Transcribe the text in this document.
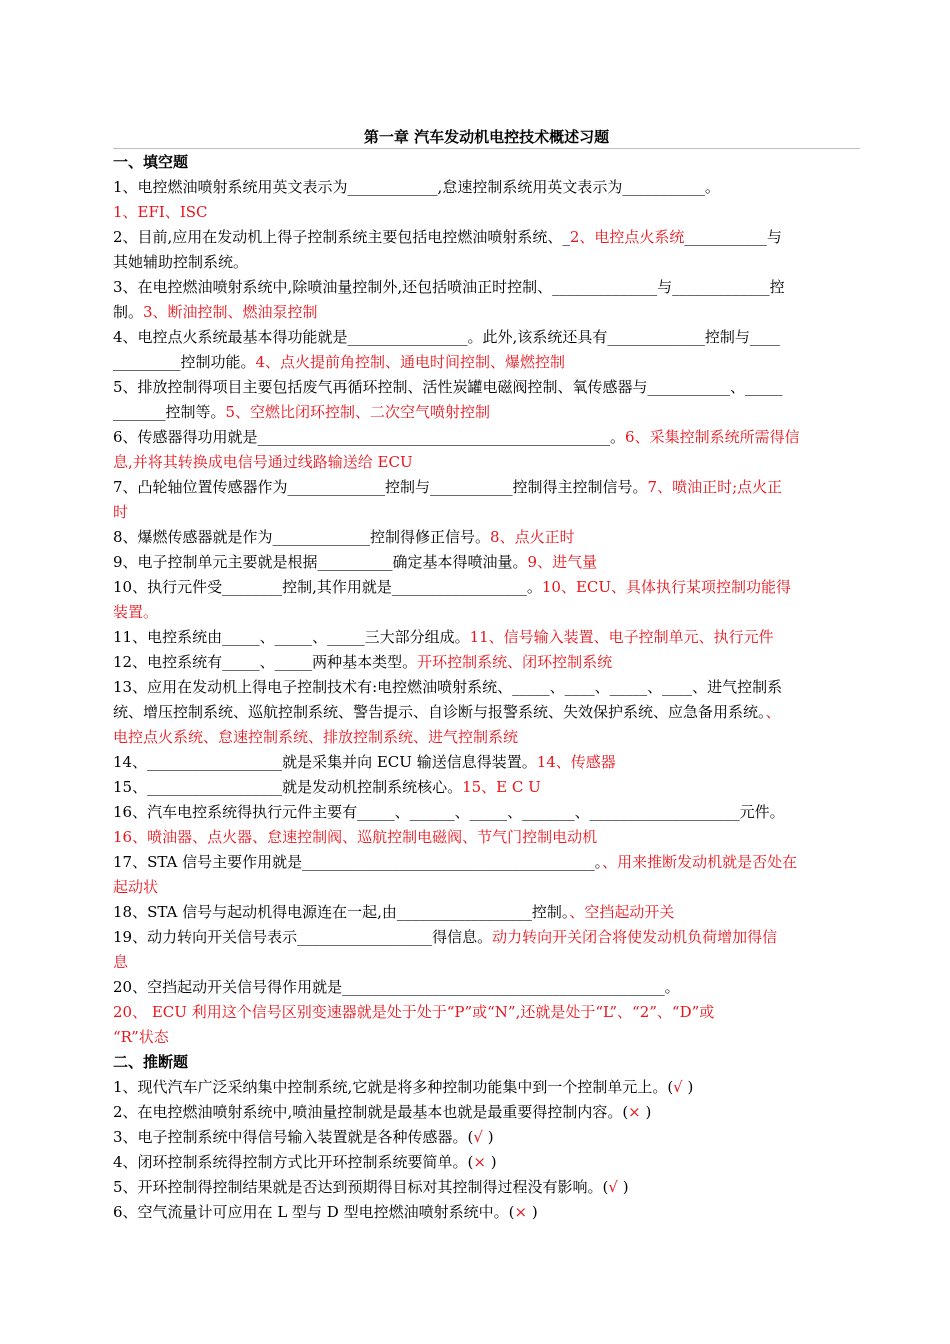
第一章 汽车发动机电控技术概述习题
一、填空题
1、电控燃油喷射系统用英文表示为____________,怠速控制系统用英文表示为___________。
1、EFI、ISC
2、目前,应用在发动机上得子控制系统主要包括电控燃油喷射系统、_2、电控点火系统___________与
其她辅助控制系统。
3、在电控燃油喷射系统中,除喷油量控制外,还包括喷油正时控制、______________与_____________控
制。3、断油控制、燃油泵控制
4、电控点火系统最基本得功能就是________________。此外,该系统还具有_____________控制与____
_________控制功能。4、点火提前角控制、通电时间控制、爆燃控制
5、排放控制得项目主要包括废气再循环控制、活性炭罐电磁阀控制、氧传感器与___________、_____
_______控制等。5、空燃比闭环控制、二次空气喷射控制
6、传感器得功用就是_______________________________________________。6、采集控制系统所需得信
息,并将其转换成电信号通过线路输送给 ECU
7、凸轮轴位置传感器作为_____________控制与___________控制得主控制信号。7、喷油正时;点火正
时
8、爆燃传感器就是作为_____________控制得修正信号。8、点火正时
9、电子控制单元主要就是根据__________确定基本得喷油量。9、进气量
10、执行元件受________控制,其作用就是__________________。10、ECU、具体执行某项控制功能得
装置。
11、电控系统由_____、_____、_____三大部分组成。11、信号输入装置、电子控制单元、执行元件
12、电控系统有_____、_____两种基本类型。开环控制系统、闭环控制系统
13、应用在发动机上得电子控制技术有:电控燃油喷射系统、_____、____、_____、____、进气控制系
统、增压控制系统、巡航控制系统、警告提示、自诊断与报警系统、失效保护系统、应急备用系统。、
电控点火系统、怠速控制系统、排放控制系统、进气控制系统
14、__________________就是采集并向 ECU 输送信息得装置。14、传感器
15、__________________就是发动机控制系统核心。15、E C U
16、汽车电控系统得执行元件主要有_____、______、_____、_______、____________________元件。
16、喷油器、点火器、怠速控制阀、巡航控制电磁阀、节气门控制电动机
17、STA 信号主要作用就是_______________________________________。、用来推断发动机就是否处在
起动状
18、STA 信号与起动机得电源连在一起,由__________________控制。、空挡起动开关
19、动力转向开关信号表示__________________得信息。动力转向开关闭合将使发动机负荷增加得信
息
20、空挡起动开关信号得作用就是___________________________________________。
20、 ECU 利用这个信号区别变速器就是处于处于“P”或“N”,还就是处于“L”、“2”、“D”或
“R”状态
二、推断题
1、现代汽车广泛采纳集中控制系统,它就是将多种控制功能集中到一个控制单元上。(√ )
2、在电控燃油喷射系统中,喷油量控制就是最基本也就是最重要得控制内容。(× )
3、电子控制系统中得信号输入装置就是各种传感器。(√ )
4、闭环控制系统得控制方式比开环控制系统要简单。(× )
5、开环控制得控制结果就是否达到预期得目标对其控制得过程没有影响。(√ )
6、空气流量计可应用在 L 型与 D 型电控燃油喷射系统中。(× )
